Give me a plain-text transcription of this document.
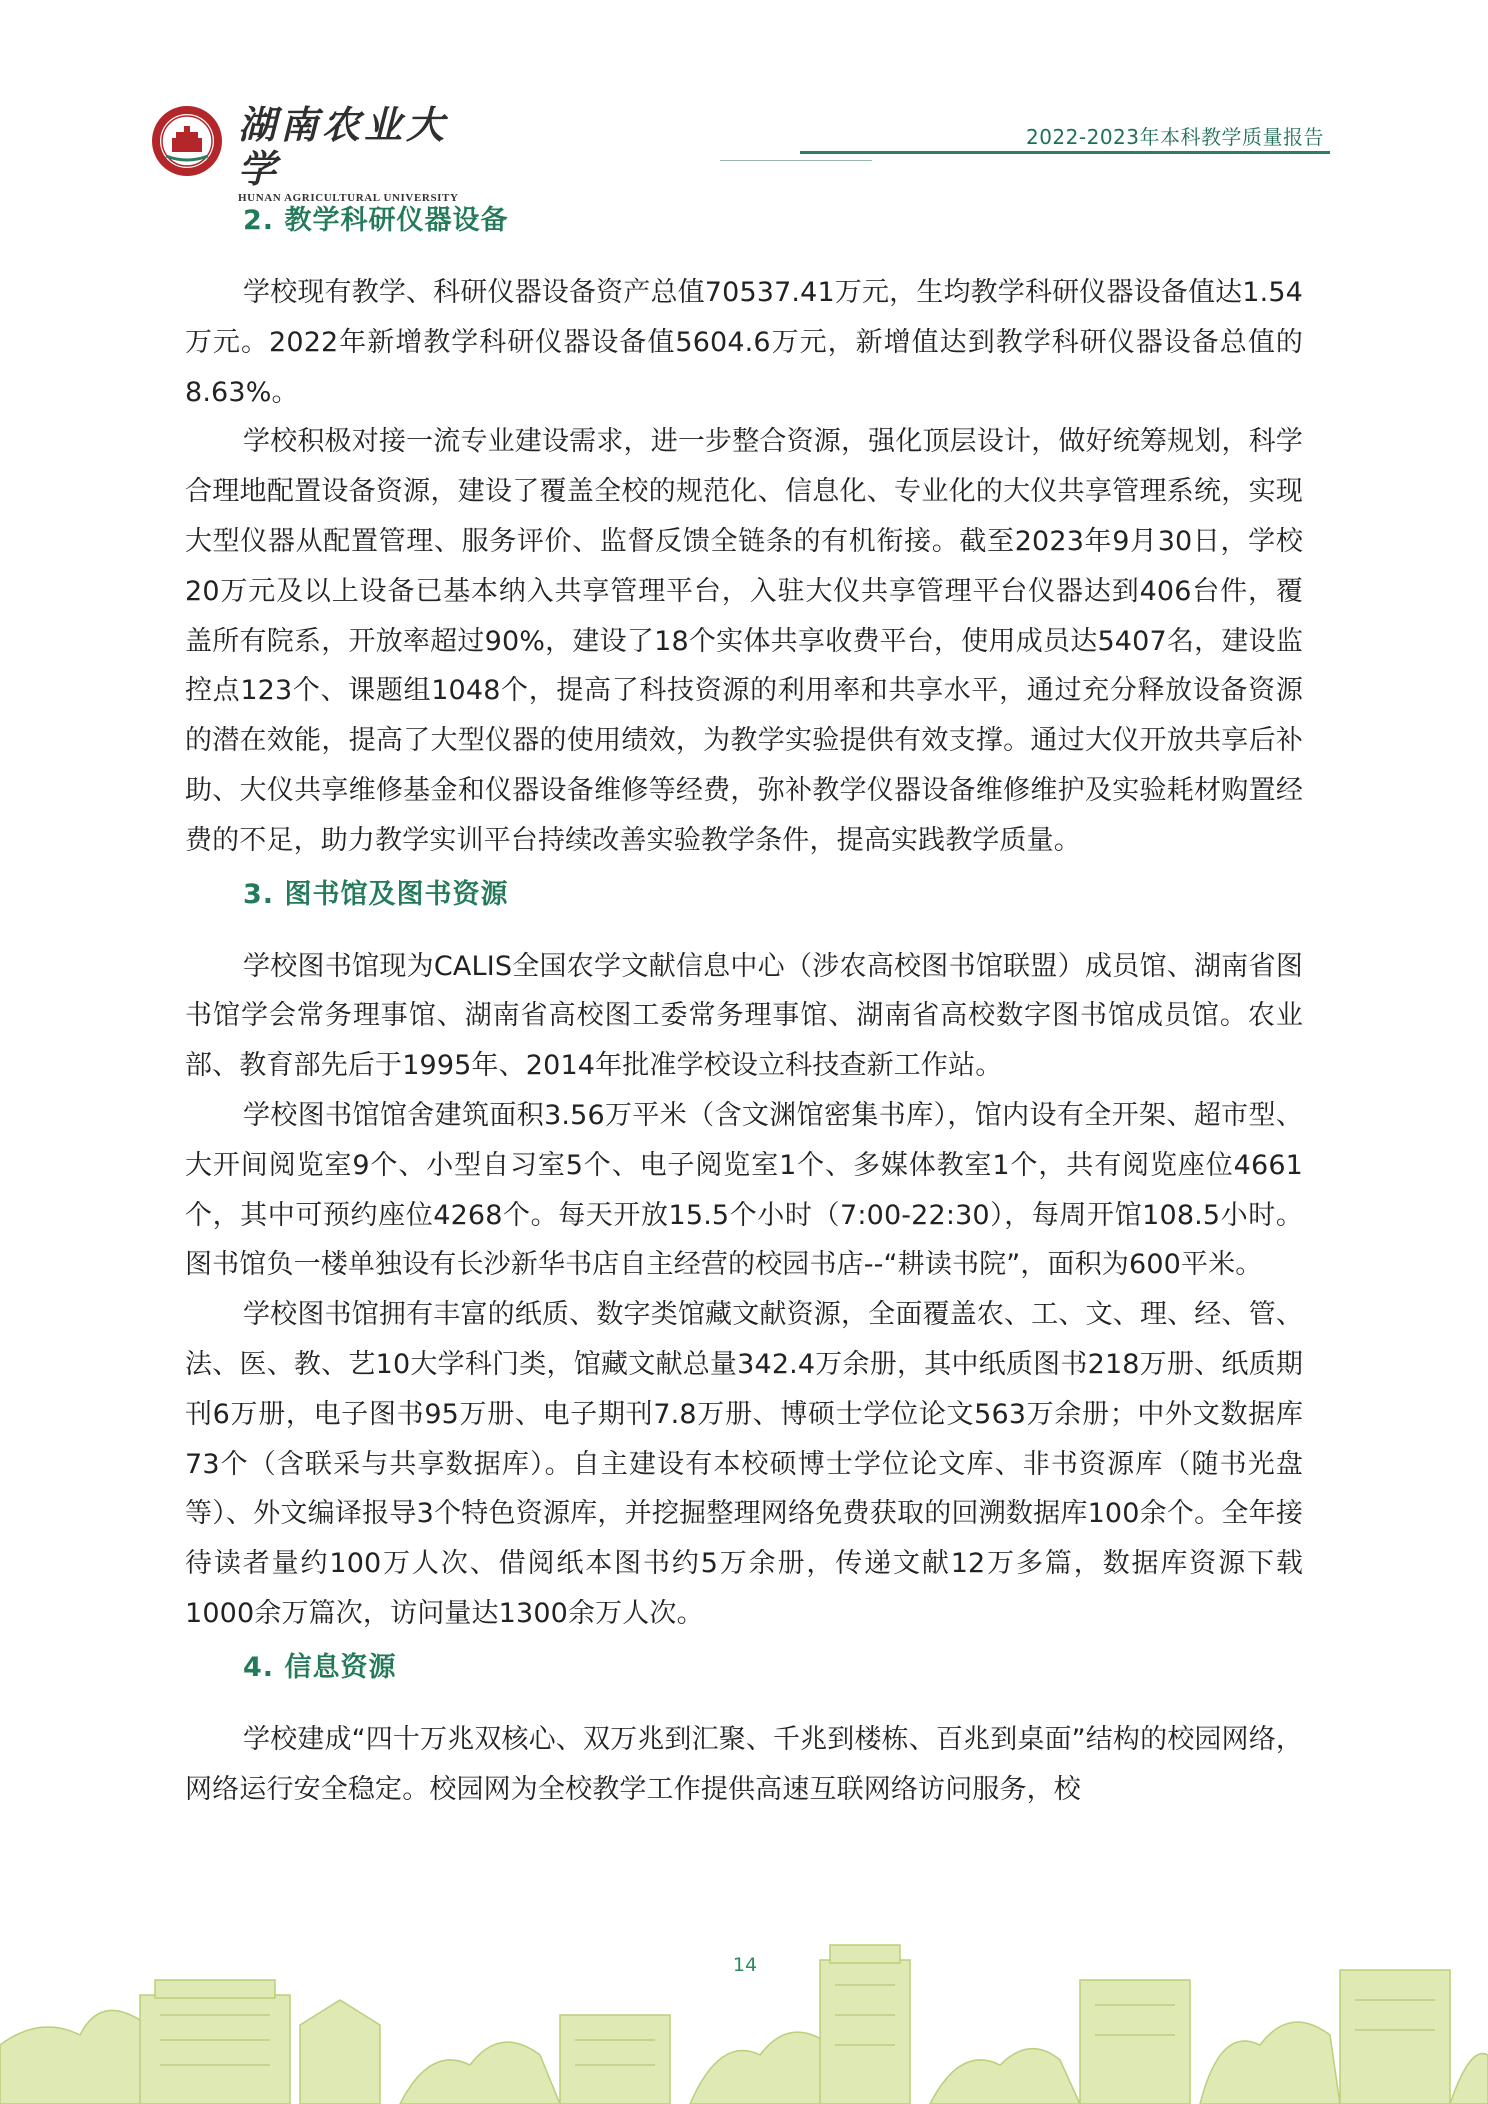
湖南农业大学
HUNAN AGRICULTURAL UNIVERSITY
2022-2023年本科教学质量报告
2. 教学科研仪器设备

学校现有教学、科研仪器设备资产总值70537.41万元，生均教学科研仪器设备值达1.54万元。2022年新增教学科研仪器设备值5604.6万元，新增值达到教学科研仪器设备总值的8.63%。

学校积极对接一流专业建设需求，进一步整合资源，强化顶层设计，做好统筹规划，科学合理地配置设备资源，建设了覆盖全校的规范化、信息化、专业化的大仪共享管理系统，实现大型仪器从配置管理、服务评价、监督反馈全链条的有机衔接。截至2023年9月30日，学校20万元及以上设备已基本纳入共享管理平台，入驻大仪共享管理平台仪器达到406台件，覆盖所有院系，开放率超过90%，建设了18个实体共享收费平台，使用成员达5407名，建设监控点123个、课题组1048个，提高了科技资源的利用率和共享水平，通过充分释放设备资源的潜在效能，提高了大型仪器的使用绩效，为教学实验提供有效支撑。通过大仪开放共享后补助、大仪共享维修基金和仪器设备维修等经费，弥补教学仪器设备维修维护及实验耗材购置经费的不足，助力教学实训平台持续改善实验教学条件，提高实践教学质量。

3. 图书馆及图书资源

学校图书馆现为CALIS全国农学文献信息中心（涉农高校图书馆联盟）成员馆、湖南省图书馆学会常务理事馆、湖南省高校图工委常务理事馆、湖南省高校数字图书馆成员馆。农业部、教育部先后于1995年、2014年批准学校设立科技查新工作站。

学校图书馆馆舍建筑面积3.56万平米（含文渊馆密集书库），馆内设有全开架、超市型、大开间阅览室9个、小型自习室5个、电子阅览室1个、多媒体教室1个，共有阅览座位4661个，其中可预约座位4268个。每天开放15.5个小时（7:00-22:30），每周开馆108.5小时。图书馆负一楼单独设有长沙新华书店自主经营的校园书店--“耕读书院”，面积为600平米。

学校图书馆拥有丰富的纸质、数字类馆藏文献资源，全面覆盖农、工、文、理、经、管、法、医、教、艺10大学科门类，馆藏文献总量342.4万余册，其中纸质图书218万册、纸质期刊6万册，电子图书95万册、电子期刊7.8万册、博硕士学位论文563万余册；中外文数据库73个（含联采与共享数据库）。自主建设有本校硕博士学位论文库、非书资源库（随书光盘等）、外文编译报导3个特色资源库，并挖掘整理网络免费获取的回溯数据库100余个。全年接待读者量约100万人次、借阅纸本图书约5万余册，传递文献12万多篇，数据库资源下载1000余万篇次，访问量达1300余万人次。

4. 信息资源

学校建成“四十万兆双核心、双万兆到汇聚、千兆到楼栋、百兆到桌面”结构的校园网络，网络运行安全稳定。校园网为全校教学工作提供高速互联网络访问服务，校

14
